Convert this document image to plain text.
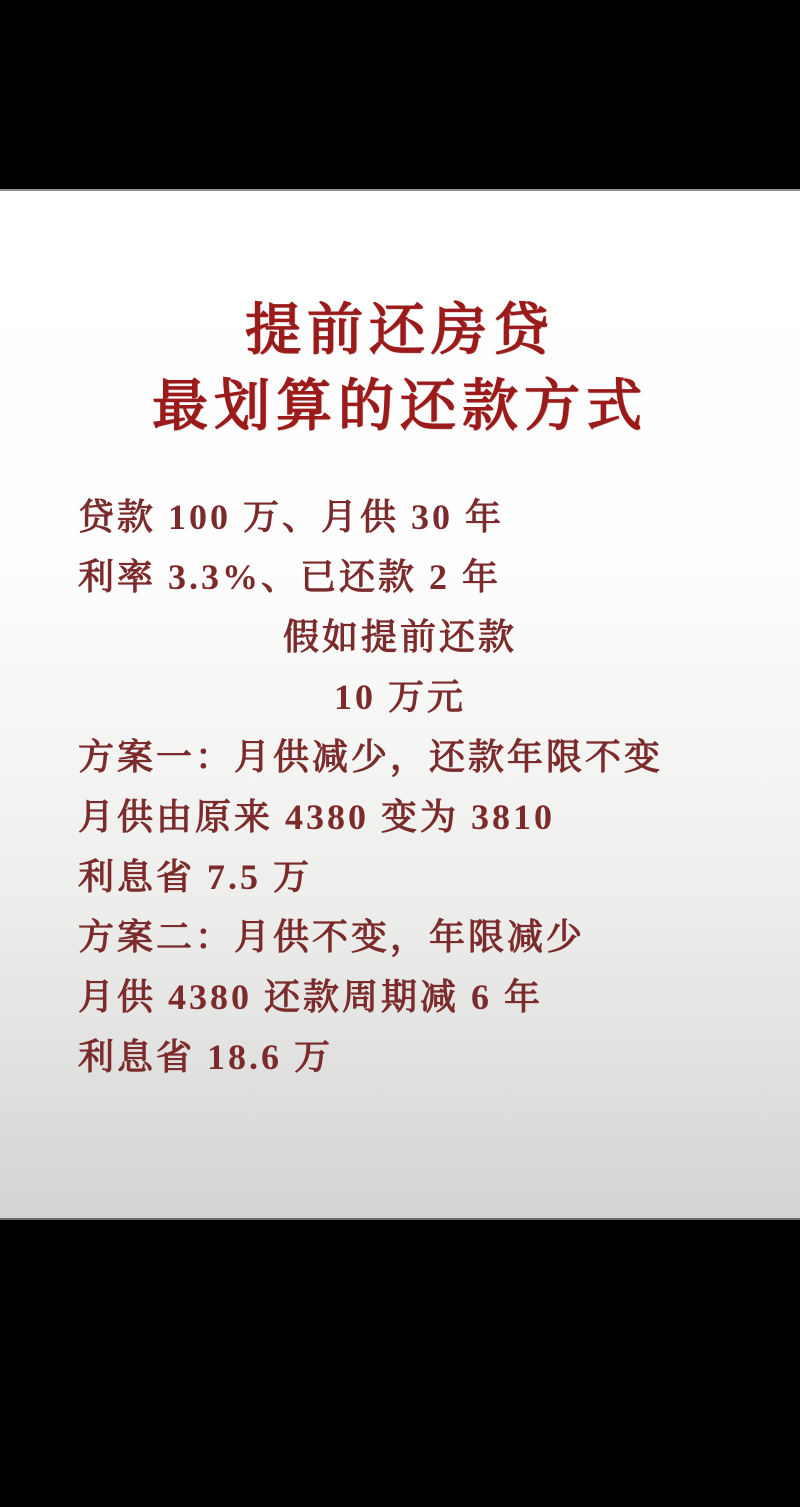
提前还房贷
最划算的还款方式
贷款 100 万、月供 30 年
利率 3.3%、已还款 2 年
假如提前还款
10 万元
方案一：月供减少，还款年限不变
月供由原来 4380 变为 3810
利息省 7.5 万
方案二：月供不变，年限减少
月供 4380 还款周期减 6 年
利息省 18.6 万
